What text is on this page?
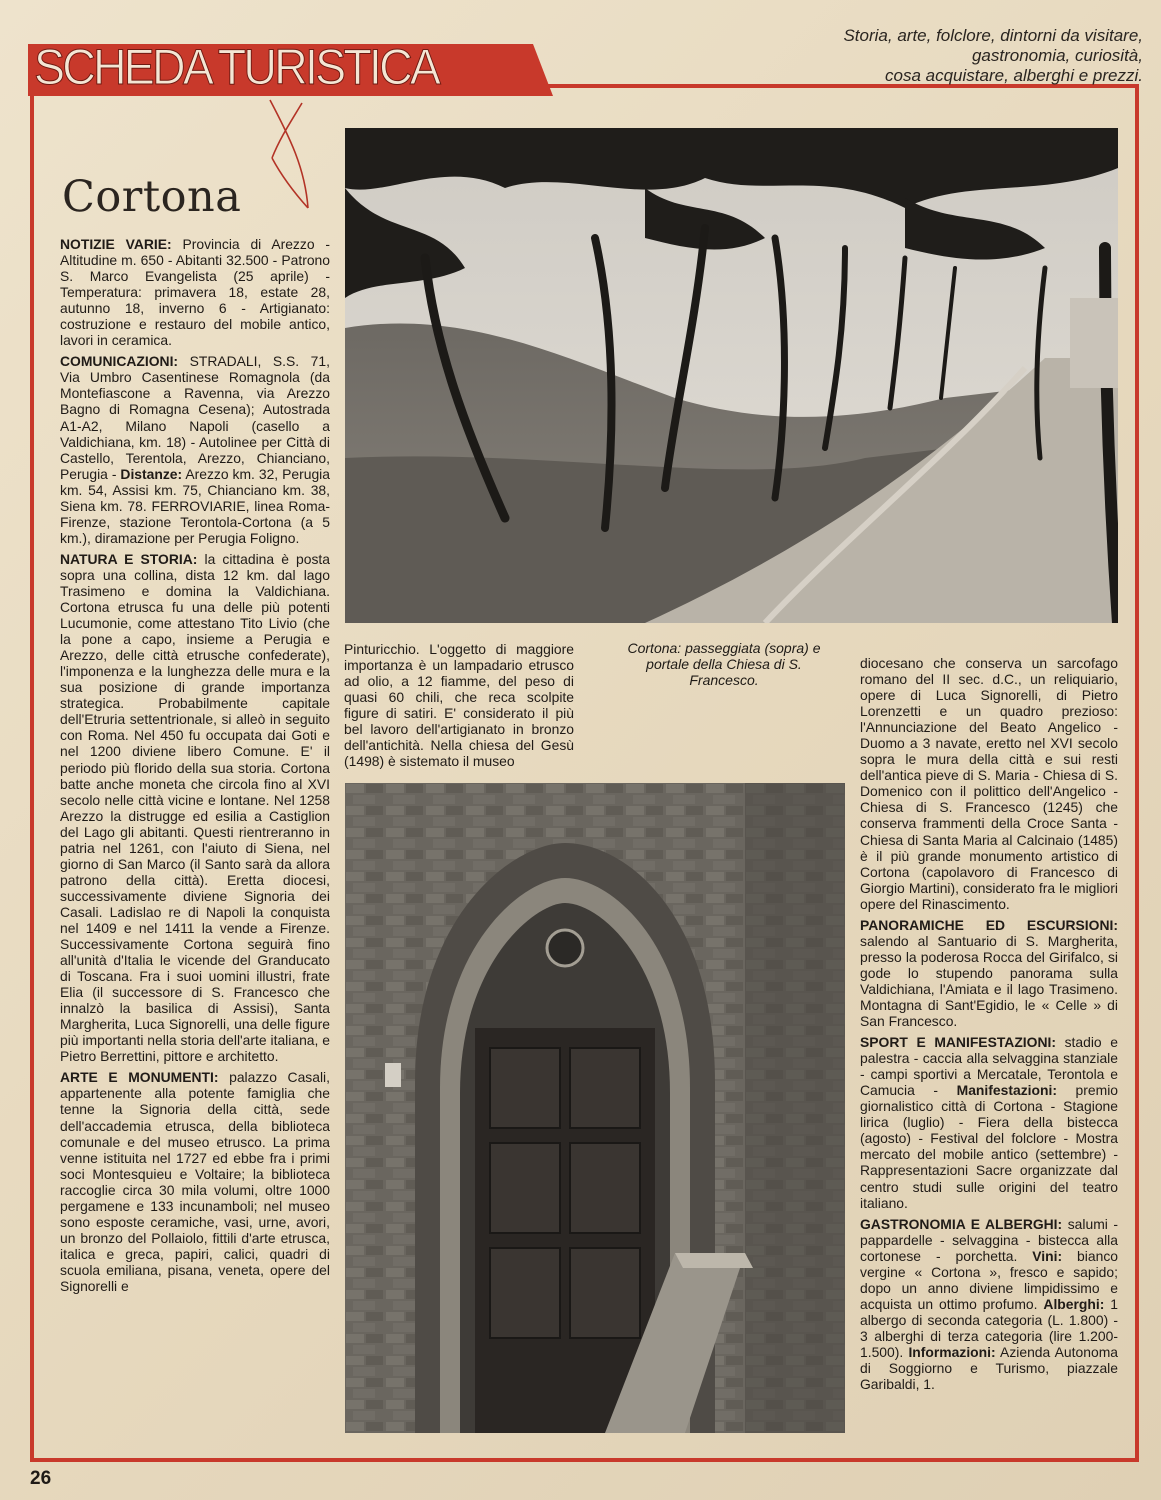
SCHEDA TURISTICA
Storia, arte, folclore, dintorni da visitare,
gastronomia, curiosità,
cosa acquistare, alberghi e prezzi.
Cortona

NOTIZIE VARIE: Provincia di Arezzo - Altitudine m. 650 - Abitanti 32.500 - Patrono S. Marco Evangelista (25 aprile) - Temperatura: primavera 18, estate 28, autunno 18, inverno 6 - Artigianato: costruzione e restauro del mobile antico, lavori in ceramica.

COMUNICAZIONI: STRADALI, S.S. 71, Via Umbro Casentinese Romagnola (da Montefiascone a Ravenna, via Arezzo Bagno di Romagna Cesena); Autostrada A1-A2, Milano Napoli (casello a Valdichiana, km. 18) - Autolinee per Città di Castello, Terentola, Arezzo, Chianciano, Perugia - Distanze: Arezzo km. 32, Perugia km. 54, Assisi km. 75, Chianciano km. 38, Siena km. 78. FERROVIARIE, linea Roma-Firenze, stazione Terontola-Cortona (a 5 km.), diramazione per Perugia Foligno.

NATURA E STORIA: la cittadina è posta sopra una collina, dista 12 km. dal lago Trasimeno e domina la Valdichiana. Cortona etrusca fu una delle più potenti Lucumonie, come attestano Tito Livio (che la pone a capo, insieme a Perugia e Arezzo, delle città etrusche confederate), l'imponenza e la lunghezza delle mura e la sua posizione di grande importanza strategica. Probabilmente capitale dell'Etruria settentrionale, si alleò in seguito con Roma. Nel 450 fu occupata dai Goti e nel 1200 diviene libero Comune. E' il periodo più florido della sua storia. Cortona batte anche moneta che circola fino al XVI secolo nelle città vicine e lontane. Nel 1258 Arezzo la distrugge ed esilia a Castiglion del Lago gli abitanti. Questi rientreranno in patria nel 1261, con l'aiuto di Siena, nel giorno di San Marco (il Santo sarà da allora patrono della città). Eretta diocesi, successivamente diviene Signoria dei Casali. Ladislao re di Napoli la conquista nel 1409 e nel 1411 la vende a Firenze. Successivamente Cortona seguirà fino all'unità d'Italia le vicende del Granducato di Toscana. Fra i suoi uomini illustri, frate Elia (il successore di S. Francesco che innalzò la basilica di Assisi), Santa Margherita, Luca Signorelli, una delle figure più importanti nella storia dell'arte italiana, e Pietro Berrettini, pittore e architetto.

ARTE E MONUMENTI: palazzo Casali, appartenente alla potente famiglia che tenne la Signoria della città, sede dell'accademia etrusca, della biblioteca comunale e del museo etrusco. La prima venne istituita nel 1727 ed ebbe fra i primi soci Montesquieu e Voltaire; la biblioteca raccoglie circa 30 mila volumi, oltre 1000 pergamene e 133 incunamboli; nel museo sono esposte ceramiche, vasi, urne, avori, un bronzo del Pollaiolo, fittili d'arte etrusca, italica e greca, papiri, calici, quadri di scuola emiliana, pisana, veneta, opere del Signorelli e

Pinturicchio. L'oggetto di maggiore importanza è un lampadario etrusco ad olio, a 12 fiamme, del peso di quasi 60 chili, che reca scolpite figure di satiri. E' considerato il più bel lavoro dell'artigianato in bronzo dell'antichità. Nella chiesa del Gesù (1498) è sistemato il museo

Cortona: passeggiata (sopra) e portale della Chiesa di S. Francesco.

diocesano che conserva un sarcofago romano del II sec. d.C., un reliquiario, opere di Luca Signorelli, di Pietro Lorenzetti e un quadro prezioso: l'Annunciazione del Beato Angelico - Duomo a 3 navate, eretto nel XVI secolo sopra le mura della città e sui resti dell'antica pieve di S. Maria - Chiesa di S. Domenico con il polittico dell'Angelico - Chiesa di S. Francesco (1245) che conserva frammenti della Croce Santa - Chiesa di Santa Maria al Calcinaio (1485) è il più grande monumento artistico di Cortona (capolavoro di Francesco di Giorgio Martini), considerato fra le migliori opere del Rinascimento.

PANORAMICHE ED ESCURSIONI: salendo al Santuario di S. Margherita, presso la poderosa Rocca del Girifalco, si gode lo stupendo panorama sulla Valdichiana, l'Amiata e il lago Trasimeno. Montagna di Sant'Egidio, le « Celle » di San Francesco.

SPORT E MANIFESTAZIONI: stadio e palestra - caccia alla selvaggina stanziale - campi sportivi a Mercatale, Terontola e Camucia - Manifestazioni: premio giornalistico città di Cortona - Stagione lirica (luglio) - Fiera della bistecca (agosto) - Festival del folclore - Mostra mercato del mobile antico (settembre) - Rappresentazioni Sacre organizzate dal centro studi sulle origini del teatro italiano.

GASTRONOMIA E ALBERGHI: salumi - pappardelle - selvaggina - bistecca alla cortonese - porchetta. Vini: bianco vergine « Cortona », fresco e sapido; dopo un anno diviene limpidissimo e acquista un ottimo profumo. Alberghi: 1 albergo di seconda categoria (L. 1.800) - 3 alberghi di terza categoria (lire 1.200-1.500). Informazioni: Azienda Autonoma di Soggiorno e Turismo, piazzale Garibaldi, 1.

26
